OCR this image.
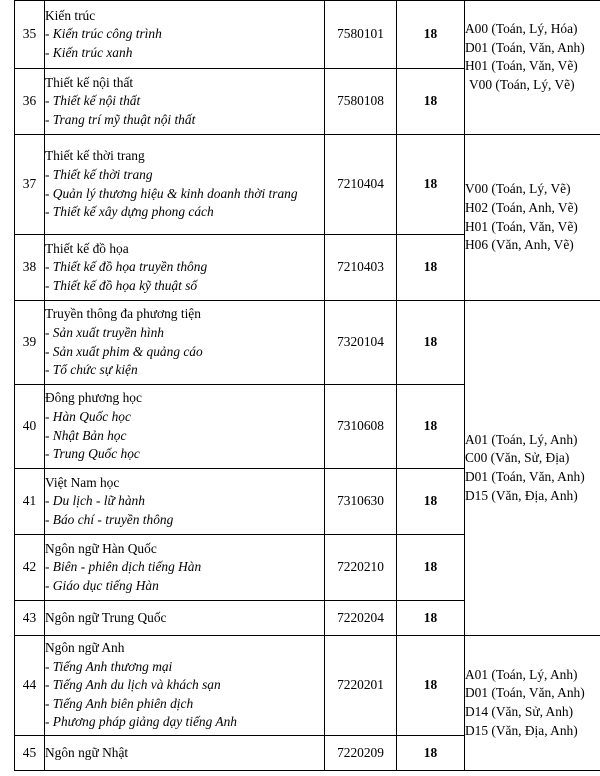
35	Kiến trúc
- Kiến trúc công trình
- Kiến trúc xanh	7580101	18	A00 (Toán, Lý, Hóa)
D01 (Toán, Văn, Anh)
H01 (Toán, Văn, Vẽ)
V00 (Toán, Lý, Vẽ)

36	Thiết kế nội thất
- Thiết kế nội thất
- Trang trí mỹ thuật nội thất	7580108	18	
37	Thiết kế thời trang
- Thiết kế thời trang
- Quản lý thương hiệu & kinh doanh thời trang
- Thiết kế xây dựng phong cách	7210404	18	V00 (Toán, Lý, Vẽ)
H02 (Toán, Anh, Vẽ)
H01 (Toán, Văn, Vẽ)
H06 (Văn, Anh, Vẽ)

38	Thiết kế đồ họa
- Thiết kế đồ họa truyền thông
- Thiết kế đồ họa kỹ thuật số	7210403	18	
39	Truyền thông đa phương tiện
- Sản xuất truyền hình
- Sản xuất phim & quảng cáo
- Tổ chức sự kiện	7320104	18	A01 (Toán, Lý, Anh)
C00 (Văn, Sử, Địa)
D01 (Toán, Văn, Anh)
D15 (Văn, Địa, Anh)

40	Đông phương học
- Hàn Quốc học
- Nhật Bản học
- Trung Quốc học	7310608	18	
41	Việt Nam học
- Du lịch - lữ hành
- Báo chí - truyền thông	7310630	18	
42	Ngôn ngữ Hàn Quốc
- Biên - phiên dịch tiếng Hàn
- Giáo dục tiếng Hàn	7220210	18	
43	Ngôn ngữ Trung Quốc	7220204	18	
44	Ngôn ngữ Anh
- Tiếng Anh thương mại
- Tiếng Anh du lịch và khách sạn
- Tiếng Anh biên phiên dịch
- Phương pháp giảng dạy tiếng Anh	7220201	18	A01 (Toán, Lý, Anh)
D01 (Toán, Văn, Anh)
D14 (Văn, Sử, Anh)
D15 (Văn, Địa, Anh)

45	Ngôn ngữ Nhật	7220209	18	
